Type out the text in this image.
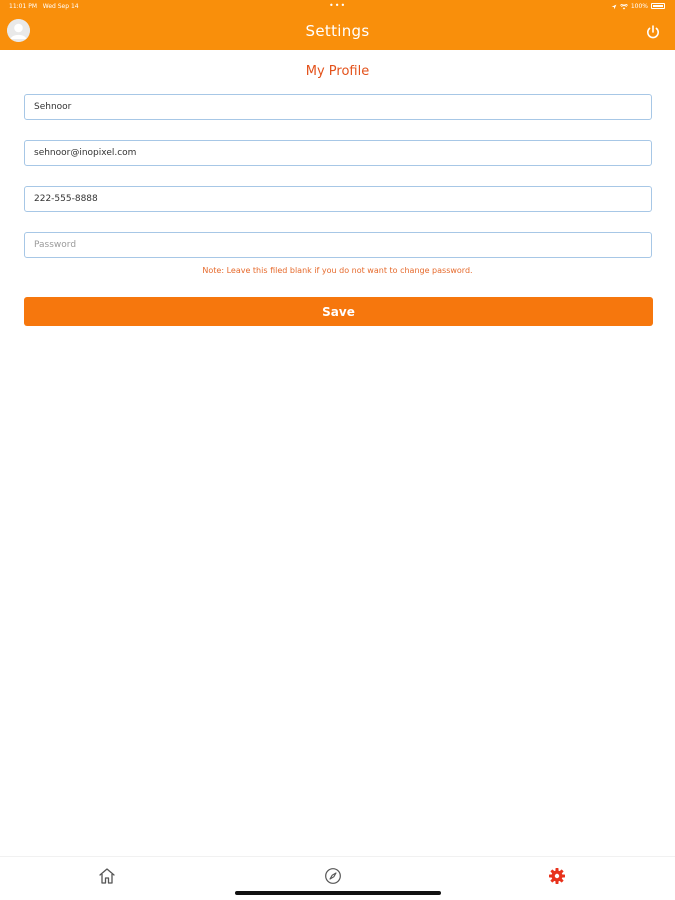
11:01 PM Wed Sep 14	•••	100%
Settings
My Profile
Sehnoor
sehnoor@inopixel.com
222-555-8888
Note: Leave this filed blank if you do not want to change password.
Save
